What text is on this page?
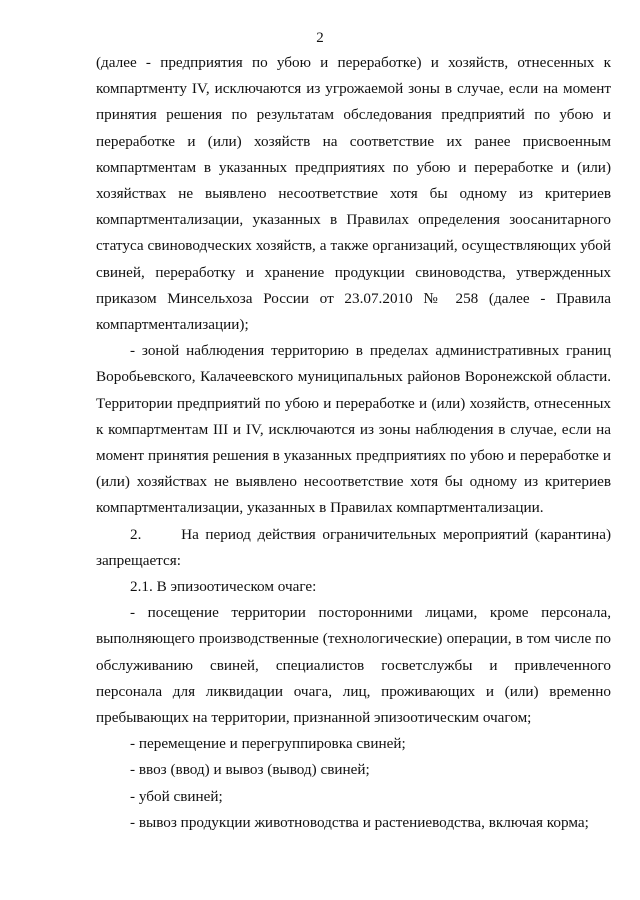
2

(далее - предприятия по убою и переработке) и хозяйств, отнесенных к компартменту IV, исключаются из угрожаемой зоны в случае, если на момент принятия решения по результатам обследования предприятий по убою и переработке и (или) хозяйств на соответствие их ранее присвоенным компартментам в указанных предприятиях по убою и переработке и (или) хозяйствах не выявлено несоответствие хотя бы одному из критериев компартментализации, указанных в Правилах определения зоосанитарного статуса свиноводческих хозяйств, а также организаций, осуществляющих убой свиней, переработку и хранение продукции свиноводства, утвержденных приказом Минсельхоза России от 23.07.2010 № 258 (далее - Правила компартментализации);

- зоной наблюдения территорию в пределах административных границ Воробьевского, Калачеевского муниципальных районов Воронежской области. Территории предприятий по убою и переработке и (или) хозяйств, отнесенных к компартментам III и IV, исключаются из зоны наблюдения в случае, если на момент принятия решения в указанных предприятиях по убою и переработке и (или) хозяйствах не выявлено несоответствие хотя бы одному из критериев компартментализации, указанных в Правилах компартментализации.

2.      На период действия ограничительных мероприятий (карантина) запрещается:

2.1. В эпизоотическом очаге:

- посещение территории посторонними лицами, кроме персонала, выполняющего производственные (технологические) операции, в том числе по обслуживанию свиней, специалистов госветслужбы и привлеченного персонала для ликвидации очага, лиц, проживающих и (или) временно пребывающих на территории, признанной эпизоотическим очагом;

- перемещение и перегруппировка свиней;

- ввоз (ввод) и вывоз (вывод) свиней;

- убой свиней;

- вывоз продукции животноводства и растениеводства, включая корма;
